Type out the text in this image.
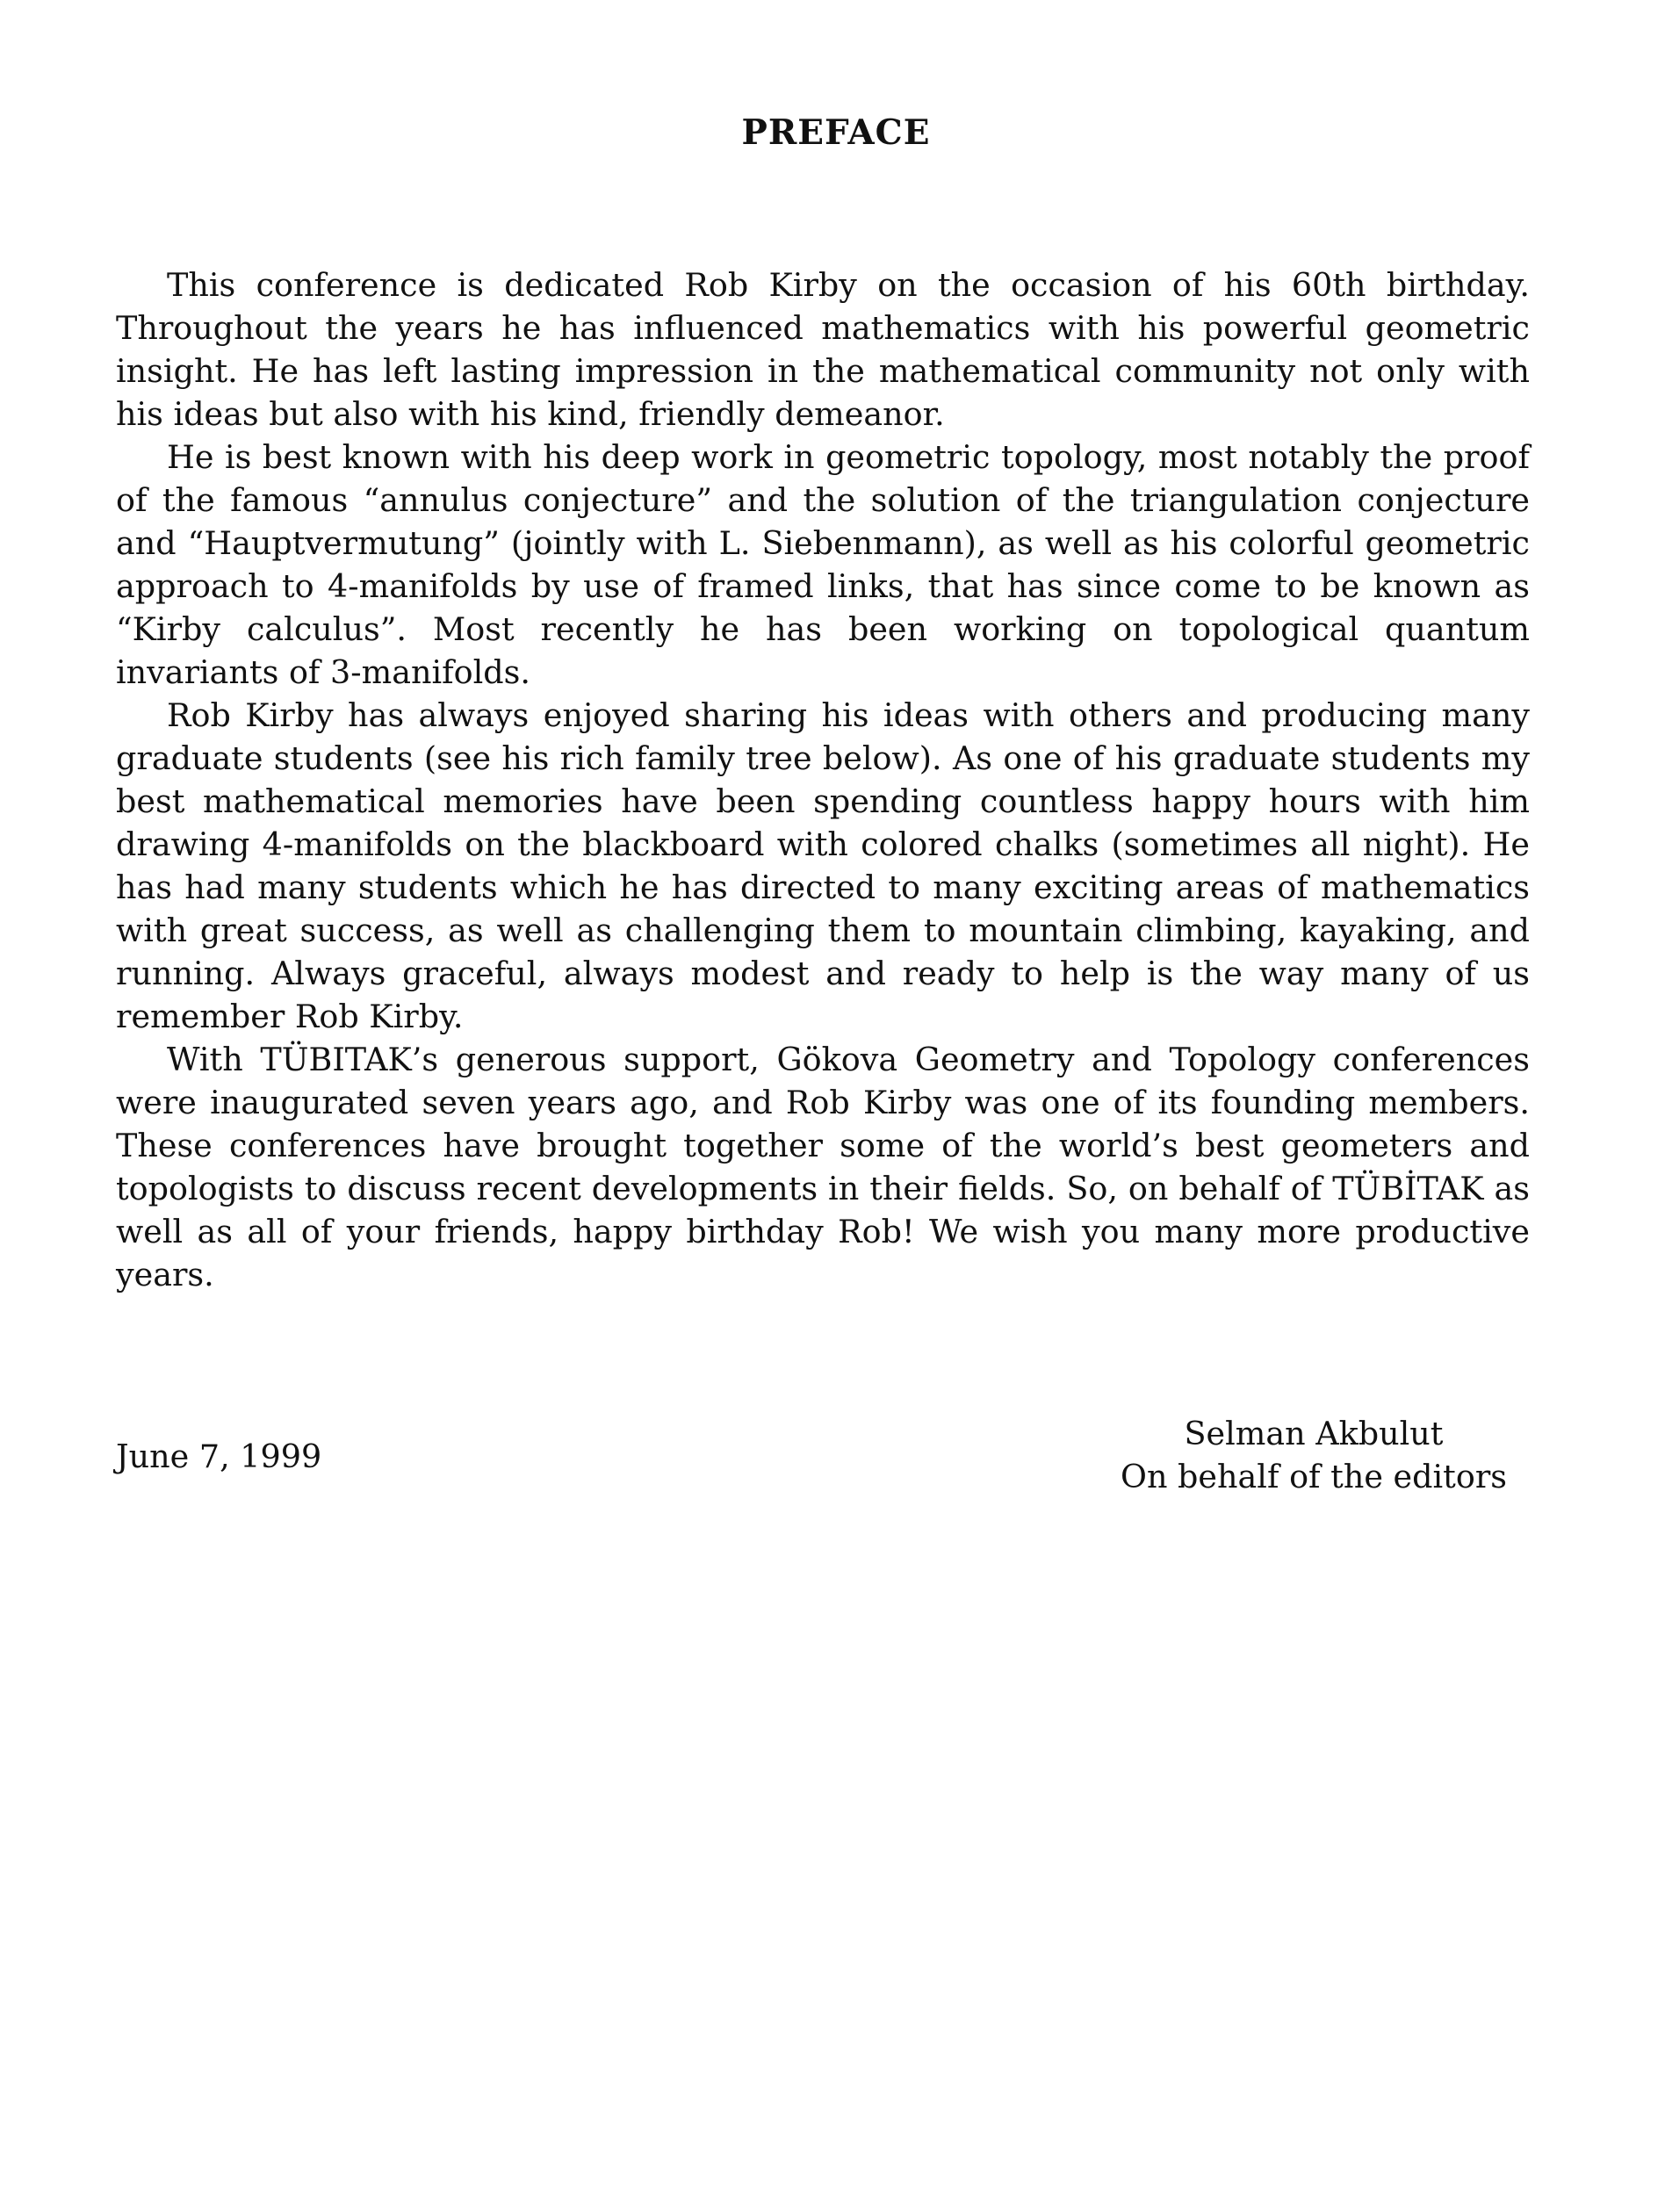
PREFACE

This conference is dedicated Rob Kirby on the occasion of his 60th birthday. Throughout the years he has influenced mathematics with his powerful geometric insight. He has left lasting impression in the mathematical community not only with his ideas but also with his kind, friendly demeanor.

He is best known with his deep work in geometric topology, most notably the proof of the famous “annulus conjecture” and the solution of the triangulation conjecture and “Hauptvermutung” (jointly with L. Siebenmann), as well as his colorful geometric approach to 4-manifolds by use of framed links, that has since come to be known as “Kirby calculus”. Most recently he has been working on topological quantum invariants of 3-manifolds.

Rob Kirby has always enjoyed sharing his ideas with others and producing many graduate students (see his rich family tree below). As one of his graduate students my best mathematical memories have been spending countless happy hours with him drawing 4-manifolds on the blackboard with colored chalks (sometimes all night). He has had many students which he has directed to many exciting areas of mathematics with great success, as well as challenging them to mountain climbing, kayaking, and running. Always graceful, always modest and ready to help is the way many of us remember Rob Kirby.

With TÜBITAK’s generous support, Gökova Geometry and Topology conferences were inaugurated seven years ago, and Rob Kirby was one of its founding members. These conferences have brought together some of the world’s best geometers and topologists to discuss recent developments in their fields. So, on behalf of TÜBİTAK as well as all of your friends, happy birthday Rob! We wish you many more productive years.

June 7, 1999
Selman Akbulut
On behalf of the editors
